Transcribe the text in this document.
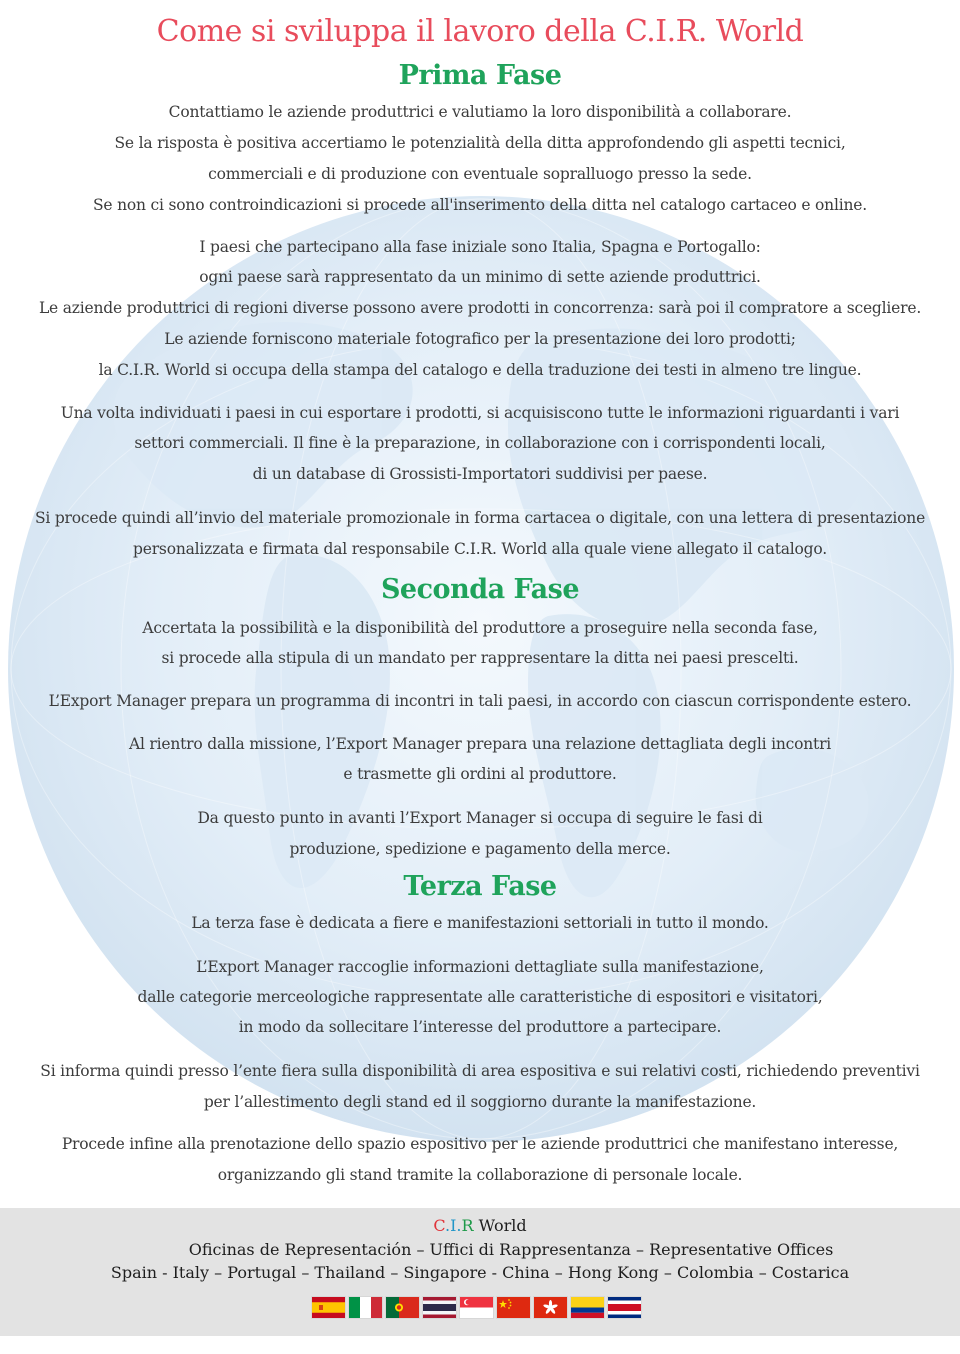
Come si sviluppa il lavoro della C.I.R. World
Prima Fase

Contattiamo le aziende produttrici e valutiamo la loro disponibilità a collaborare.

Se la risposta è positiva accertiamo le potenzialità della ditta approfondendo gli aspetti tecnici,

commerciali e di produzione con eventuale sopralluogo presso la sede.

Se non ci sono controindicazioni si procede all'inserimento della ditta nel catalogo cartaceo e online.

I paesi che partecipano alla fase iniziale sono Italia, Spagna e Portogallo:

ogni paese sarà rappresentato da un minimo di sette aziende produttrici.

Le aziende produttrici di regioni diverse possono avere prodotti in concorrenza: sarà poi il compratore a scegliere.

Le aziende forniscono materiale fotografico per la presentazione dei loro prodotti;

la C.I.R. World si occupa della stampa del catalogo e della traduzione dei testi in almeno tre lingue.

Una volta individuati i paesi in cui esportare i prodotti, si acquisiscono tutte le informazioni riguardanti i vari

settori commerciali. Il fine è la preparazione, in collaborazione con i corrispondenti locali,

di un database di Grossisti-Importatori suddivisi per paese.

Si procede quindi all’invio del materiale promozionale in forma cartacea o digitale, con una lettera di presentazione

personalizzata e firmata dal responsabile C.I.R. World alla quale viene allegato il catalogo.

Seconda Fase

Accertata la possibilità e la disponibilità del produttore a proseguire nella seconda fase,

si procede alla stipula di un mandato per rappresentare la ditta nei paesi prescelti.

L’Export Manager prepara un programma di incontri in tali paesi, in accordo con ciascun corrispondente estero.

Al rientro dalla missione, l’Export Manager prepara una relazione dettagliata degli incontri

e trasmette gli ordini al produttore.

Da questo punto in avanti l’Export Manager si occupa di seguire le fasi di

produzione, spedizione e pagamento della merce.

Terza Fase

La terza fase è dedicata a fiere e manifestazioni settoriali in tutto il mondo.

L’Export Manager raccoglie informazioni dettagliate sulla manifestazione,

dalle categorie merceologiche rappresentate alle caratteristiche di espositori e visitatori,

in modo da sollecitare l’interesse del produttore a partecipare.

Si informa quindi presso l’ente fiera sulla disponibilità di area espositiva e sui relativi costi, richiedendo preventivi

per l’allestimento degli stand ed il soggiorno durante la manifestazione.

Procede infine alla prenotazione dello spazio espositivo per le aziende produttrici che manifestano interesse,

organizzando gli stand tramite la collaborazione di personale locale.

C.I.R World
Oficinas de Representación – Uffici di Rappresentanza – Representative Offices
Spain - Italy – Portugal – Thailand – Singapore - China – Hong Kong – Colombia – Costarica
